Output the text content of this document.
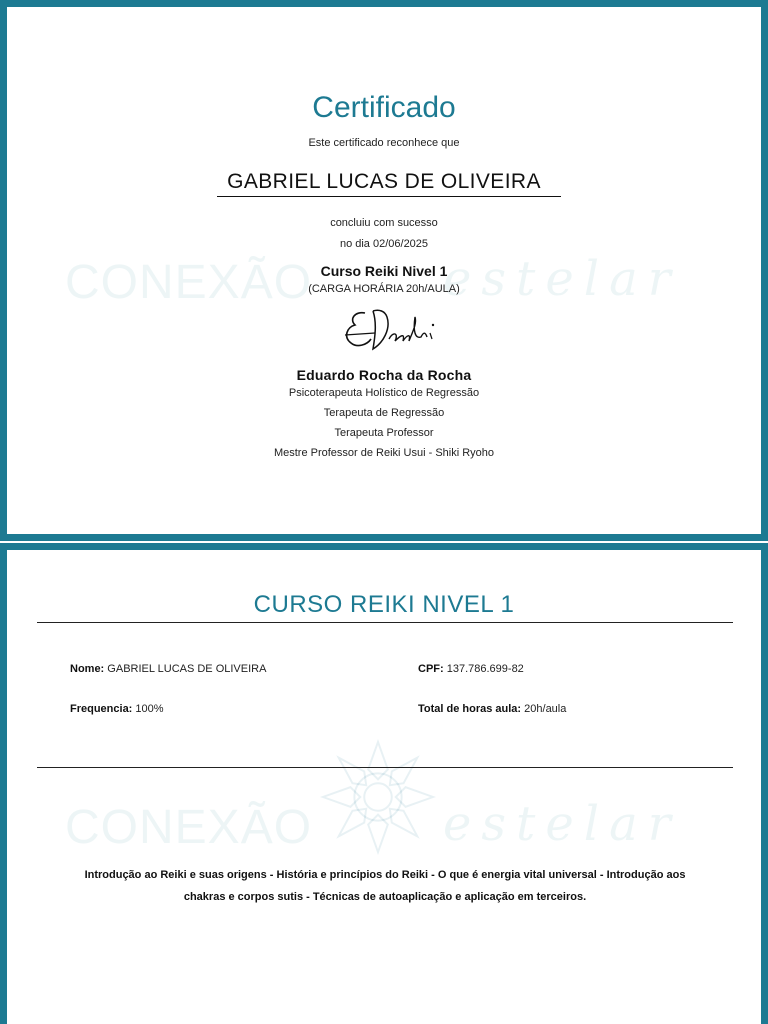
CONEXÃO	estelar
Certificado
Este certificado reconhece que
GABRIEL LUCAS DE OLIVEIRA
concluiu com sucesso
no dia 02/06/2025
Curso Reiki Nivel 1
(CARGA HORÁRIA 20h/AULA)
Eduardo Rocha da Rocha
Psicoterapeuta Holístico de Regressão
Terapeuta de Regressão
Terapeuta Professor
Mestre Professor de Reiki Usui - Shiki Ryoho
CONEXÃO	estelar
CURSO REIKI NIVEL 1
Nome: GABRIEL LUCAS DE OLIVEIRA	CPF: 137.786.699-82
Frequencia: 100%	Total de horas aula: 20h/aula
Introdução ao Reiki e suas origens - História e princípios do Reiki - O que é energia vital universal - Introdução aos
chakras e corpos sutis - Técnicas de autoaplicação e aplicação em terceiros.
